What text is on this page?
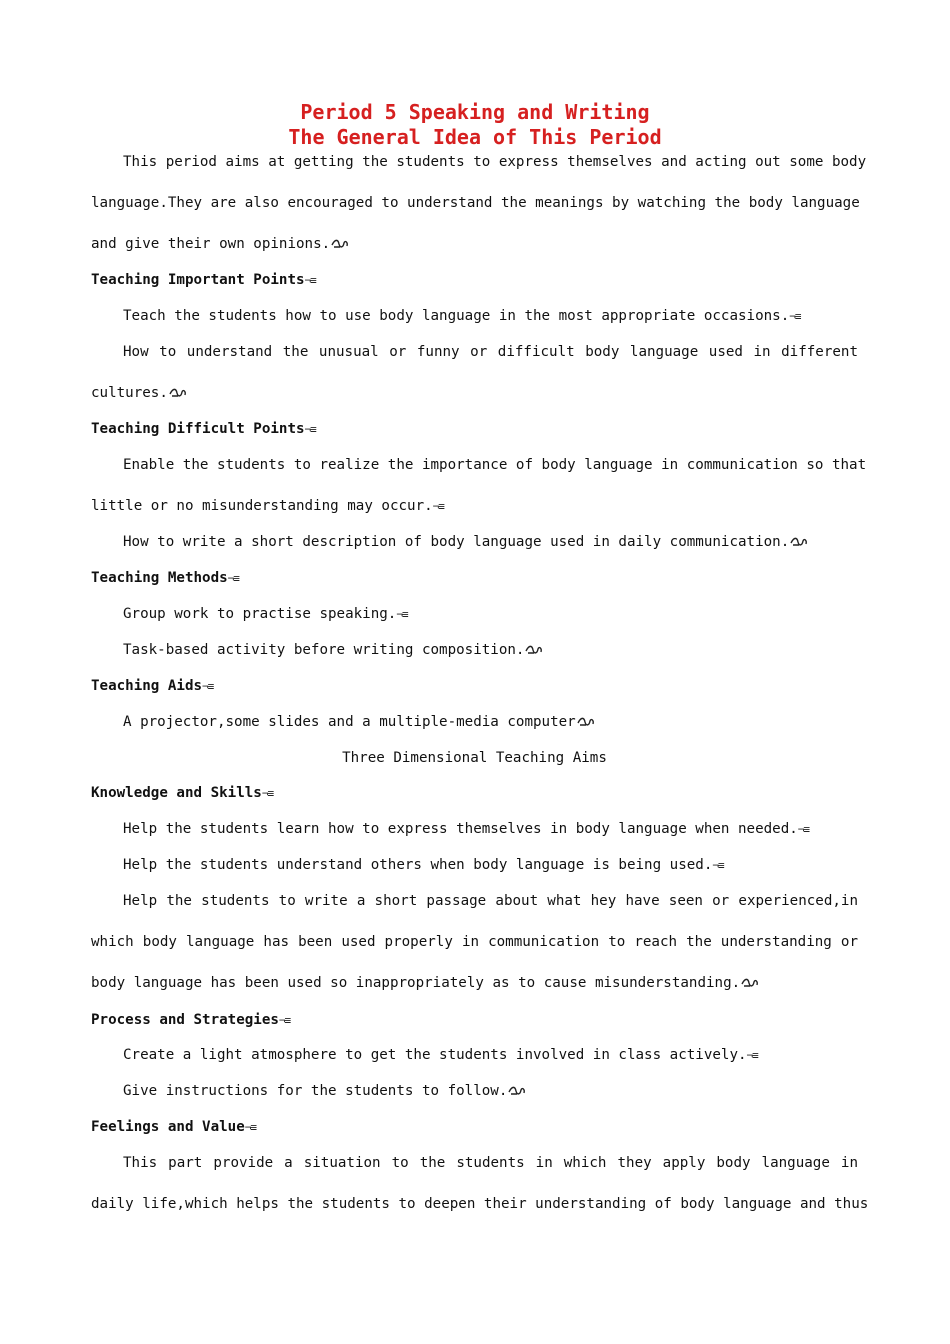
Period 5 Speaking and Writing
The General Idea of This Period
This period aims at getting the students to express themselves and acting out some body
language.They are also encouraged to understand the meanings by watching the body language
and give their own opinions.
Teaching Important Points¬≡
Teach the students how to use body language in the most appropriate occasions.¬≡
How to understand the unusual or funny or difficult body language used in different
cultures.
Teaching Difficult Points¬≡
Enable the students to realize the importance of body language in communication so that
little or no misunderstanding may occur.¬≡
How to write a short description of body language used in daily communication.
Teaching Methods¬≡
Group work to practise speaking.¬≡
Task-based activity before writing composition.
Teaching Aids¬≡
A projector,some slides and a multiple-media computer
Three Dimensional Teaching Aims
Knowledge and Skills¬≡
Help the students learn how to express themselves in body language when needed.¬≡
Help the students understand others when body language is being used.¬≡
Help the students to write a short passage about what hey have seen or experienced,in
which body language has been used properly in communication to reach the understanding or
body language has been used so inappropriately as to cause misunderstanding.
Process and Strategies¬≡
Create a light atmosphere to get the students involved in class actively.¬≡
Give instructions for the students to follow.
Feelings and Value¬≡
This part provide a situation to the students in which they apply body language in
daily life,which helps the students to deepen their understanding of body language and thus
